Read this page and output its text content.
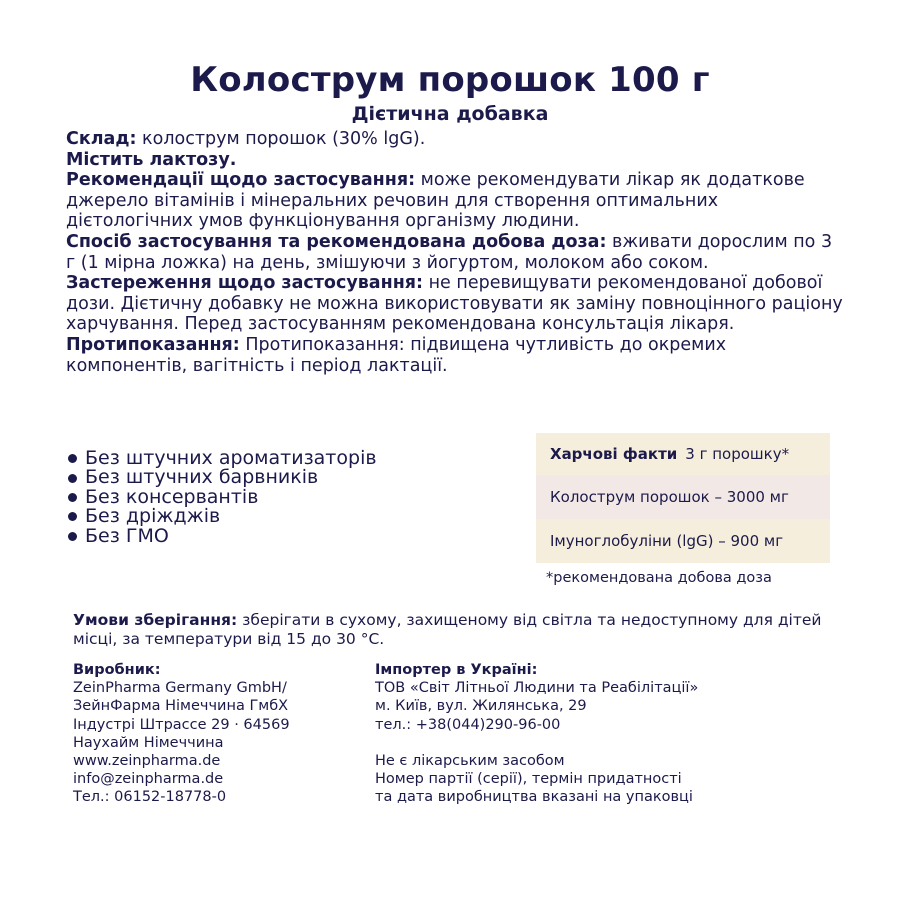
Колострум порошок 100 г
Дієтична добавка

Склад: колострум порошок (30% lgG).

Містить лактозу.

Рекомендації щодо застосування: може рекомендувати лікар як додаткове джерело вітамінів і мінеральних речовин для створення оптимальних дієтологічних умов функціонування організму людини.

Спосіб застосування та рекомендована добова доза: вживати дорослим по 3 г (1 мірна ложка) на день, змішуючи з йогуртом, молоком або соком.

Застереження щодо застосування: не перевищувати рекомендованої добової дози. Дієтичну добавку не можна використовувати як заміну повноцінного раціону харчування. Перед застосуванням рекомендована консультація лікаря.

Протипоказання: Протипоказання: підвищена чутливість до окремих компонентів, вагітність і період лактації.

Без штучних ароматизаторів
Без штучних барвників
Без консервантів
Без дріжджів
Без ГМО
Харчові факти 3 г порошку*
Колострум порошок – 3000 мг
Імуноглобуліни (lgG) – 900 мг
*рекомендована добова доза
Умови зберігання: зберігати в сухому, захищеному від світла та недоступному для дітей місці, за температури від 15 до 30 °С.
Виробник:
ZeinPharma Germany GmbH/
ЗейнФарма Німеччина ГмбХ
Індустрі Штрассе 29 · 64569
Наухайм Німеччина
www.zeinpharma.de
info@zeinpharma.de
Тел.: 06152-18778-0
Імпортер в Україні:
ТОВ «Світ Літньої Людини та Реабілітації»
м. Київ, вул. Жилянська, 29
тел.: +38(044)290-96-00
Не є лікарським засобом
Номер партії (серії), термін придатності
та дата виробництва вказані на упаковці
